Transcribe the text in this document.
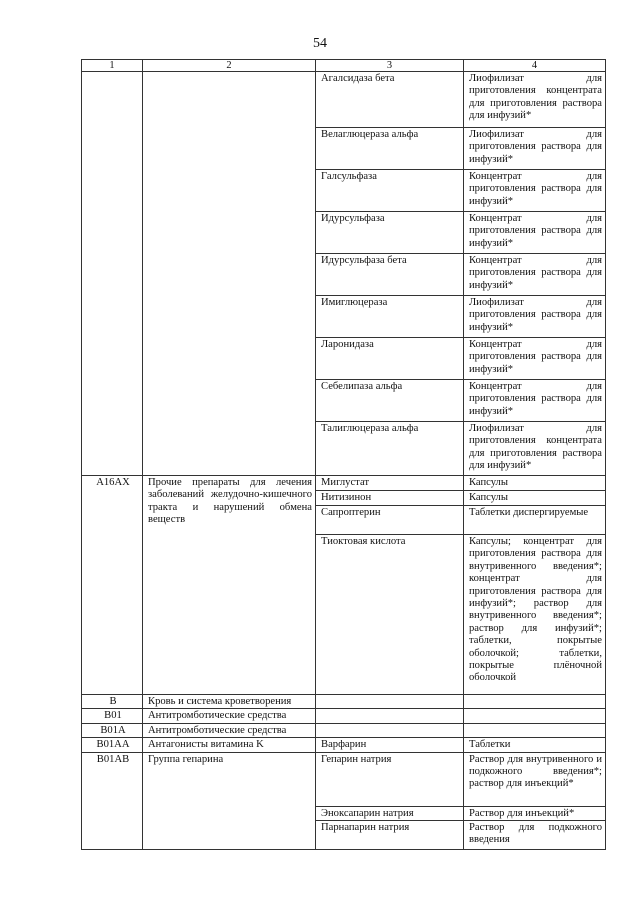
54
1	2	3	4
		Агалсидаза бета	Лиофилизат для приготовления концентрата для приготовления раствора для инфузий*
		Велаглюцераза альфа	Лиофилизат для приготовления раствора для инфузий*
		Галсульфаза	Концентрат для приготовления раствора для инфузий*
		Идурсульфаза	Концентрат для приготовления раствора для инфузий*
		Идурсульфаза бета	Концентрат для приготовления раствора для инфузий*
		Имиглюцераза	Лиофилизат для приготовления раствора для инфузий*
		Ларонидаза	Концентрат для приготовления раствора для инфузий*
		Себелипаза альфа	Концентрат для приготовления раствора для инфузий*
		Талиглюцераза альфа	Лиофилизат для приготовления концентрата для приготовления раствора для инфузий*
A16AX	Прочие препараты для лечения заболеваний желудочно-кишечного тракта и нарушений обмена веществ	Миглустат	Капсулы
		Нитизинон	Капсулы
		Сапроптерин	Таблетки диспергируемые
		Тиоктовая кислота	Капсулы; концентрат для приготовления раствора для внутривенного введения*; концентрат для приготовления раствора для инфузий*; раствор для внутривенного введения*; раствор для инфузий*; таблетки, покрытые оболочкой; таблетки, покрытые плёночной оболочкой
B	Кровь и система кроветворения		
B01	Антитромботические средства		
B01A	Антитромботические средства		
B01AA	Антагонисты витамина K	Варфарин	Таблетки
B01AB	Группа гепарина	Гепарин натрия	Раствор для внутривенного и подкожного введения*; раствор для инъекций*
		Эноксапарин натрия	Раствор для инъекций*
		Парнапарин натрия	Раствор для подкожного введения
